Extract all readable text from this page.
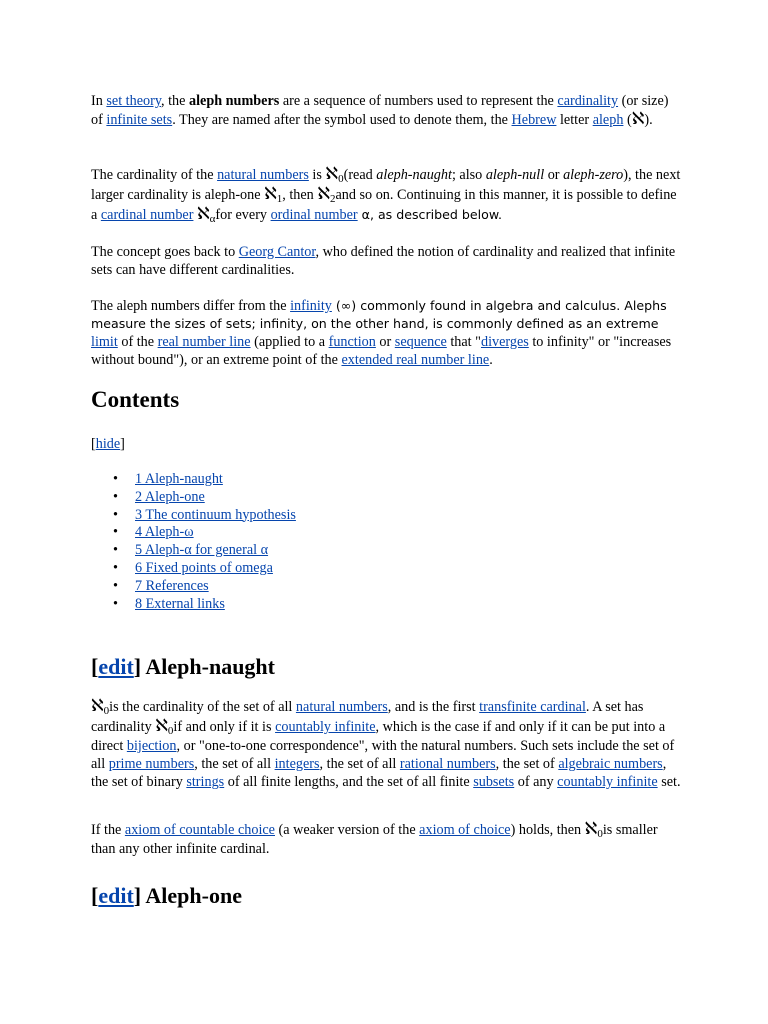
In set theory, the aleph numbers are a sequence of numbers used to represent the cardinality (or size) of infinite sets. They are named after the symbol used to denote them, the Hebrew letter aleph (ℵ).

The cardinality of the natural numbers is ℵ$_0$(read aleph-naught; also aleph-null or aleph-zero), the next larger cardinality is aleph-one ℵ$_1$, then ℵ$_2$and so on. Continuing in this manner, it is possible to define a cardinal number ℵ$_\alpha$for every ordinal number α, as described below.

The concept goes back to Georg Cantor, who defined the notion of cardinality and realized that infinite sets can have different cardinalities.

The aleph numbers differ from the infinity (∞) commonly found in algebra and calculus. Alephs measure the sizes of sets; infinity, on the other hand, is commonly defined as an extreme limit of the real number line (applied to a function or sequence that "diverges to infinity" or "increases without bound"), or an extreme point of the extended real number line.

Contents
[hide]
• 1 Aleph-naught
• 2 Aleph-one
• 3 The continuum hypothesis
• 4 Aleph-ω
• 5 Aleph-α for general α
• 6 Fixed points of omega
• 7 References
• 8 External links
[edit] Aleph-naught

ℵ$_0$is the cardinality of the set of all natural numbers, and is the first transfinite cardinal. A set has cardinality ℵ$_0$if and only if it is countably infinite, which is the case if and only if it can be put into a direct bijection, or "one-to-one correspondence", with the natural numbers. Such sets include the set of all prime numbers, the set of all integers, the set of all rational numbers, the set of algebraic numbers, the set of binary strings of all finite lengths, and the set of all finite subsets of any countably infinite set.

If the axiom of countable choice (a weaker version of the axiom of choice) holds, then ℵ$_0$is smaller than any other infinite cardinal.

[edit] Aleph-one
